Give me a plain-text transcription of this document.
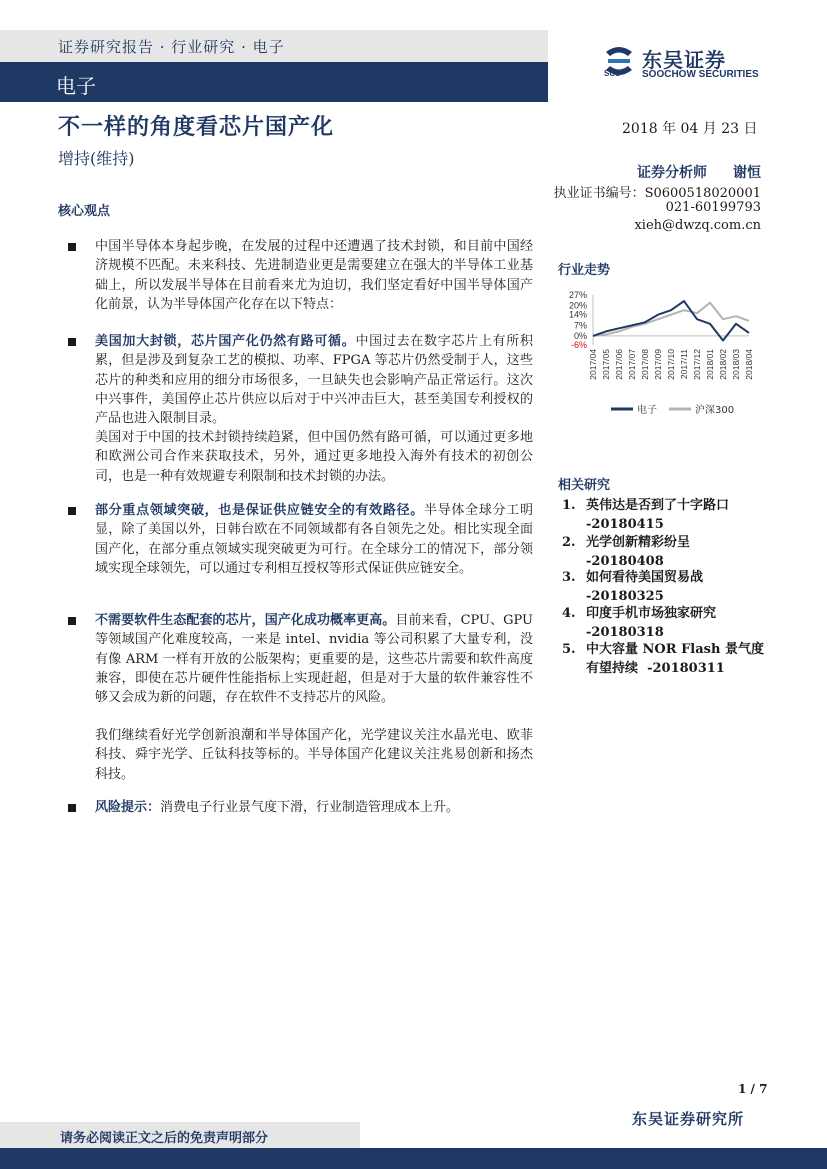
证券研究报告 · 行业研究 · 电子
电子
SCS
东吴证券
SOOCHOW SECURITIES
不一样的角度看芯片国产化
增持(维持)
2018 年 04 月 23 日
证券分析师 谢恒
执业证书编号：S0600518020001
021-60199793
xieh@dwzq.com.cn
核心观点
中国半导体本身起步晚，在发展的过程中还遭遇了技术封锁，和目前中国经济规模不匹配。未来科技、先进制造业更是需要建立在强大的半导体工业基础上，所以发展半导体在目前看来尤为迫切，我们坚定看好中国半导体国产化前景，认为半导体国产化存在以下特点：
美国加大封锁，芯片国产化仍然有路可循。中国过去在数字芯片上有所积累，但是涉及到复杂工艺的模拟、功率、FPGA 等芯片仍然受制于人，这些芯片的种类和应用的细分市场很多，一旦缺失也会影响产品正常运行。这次中兴事件，美国停止芯片供应以后对于中兴冲击巨大，甚至美国专利授权的产品也进入限制目录。
美国对于中国的技术封锁持续趋紧，但中国仍然有路可循，可以通过更多地和欧洲公司合作来获取技术，另外，通过更多地投入海外有技术的初创公司，也是一种有效规避专利限制和技术封锁的办法。
部分重点领域突破，也是保证供应链安全的有效路径。半导体全球分工明显，除了美国以外，日韩台欧在不同领域都有各自领先之处。相比实现全面国产化，在部分重点领域实现突破更为可行。在全球分工的情况下，部分领域实现全球领先，可以通过专利相互授权等形式保证供应链安全。
不需要软件生态配套的芯片，国产化成功概率更高。目前来看，CPU、GPU 等领域国产化难度较高，一来是 intel、nvidia 等公司积累了大量专利，没有像 ARM 一样有开放的公版架构；更重要的是，这些芯片需要和软件高度兼容，即使在芯片硬件性能指标上实现赶超，但是对于大量的软件兼容性不够又会成为新的问题，存在软件不支持芯片的风险。
我们继续看好光学创新浪潮和半导体国产化，光学建议关注水晶光电、欧菲科技、舜宇光学、丘钛科技等标的。半导体国产化建议关注兆易创新和扬杰科技。
风险提示：消费电子行业景气度下滑，行业制造管理成本上升。
行业走势
27%
20%
14%
7%
0%
-6%
2017/04 2017/05 2017/06 2017/07 2017/08 2017/09 2017/10 2017/11 2017/12 2018/01 2018/02 2018/03 2018/04
电子	沪深300
相关研究
1. 英伟达是否到了十字路口
-20180415
2. 光学创新精彩纷呈
-20180408
3. 如何看待美国贸易战
-20180325
4. 印度手机市场独家研究
-20180318
5. 中大容量 NOR Flash 景气度
有望持续 -20180311
1 / 7
东吴证券研究所
请务必阅读正文之后的免责声明部分
